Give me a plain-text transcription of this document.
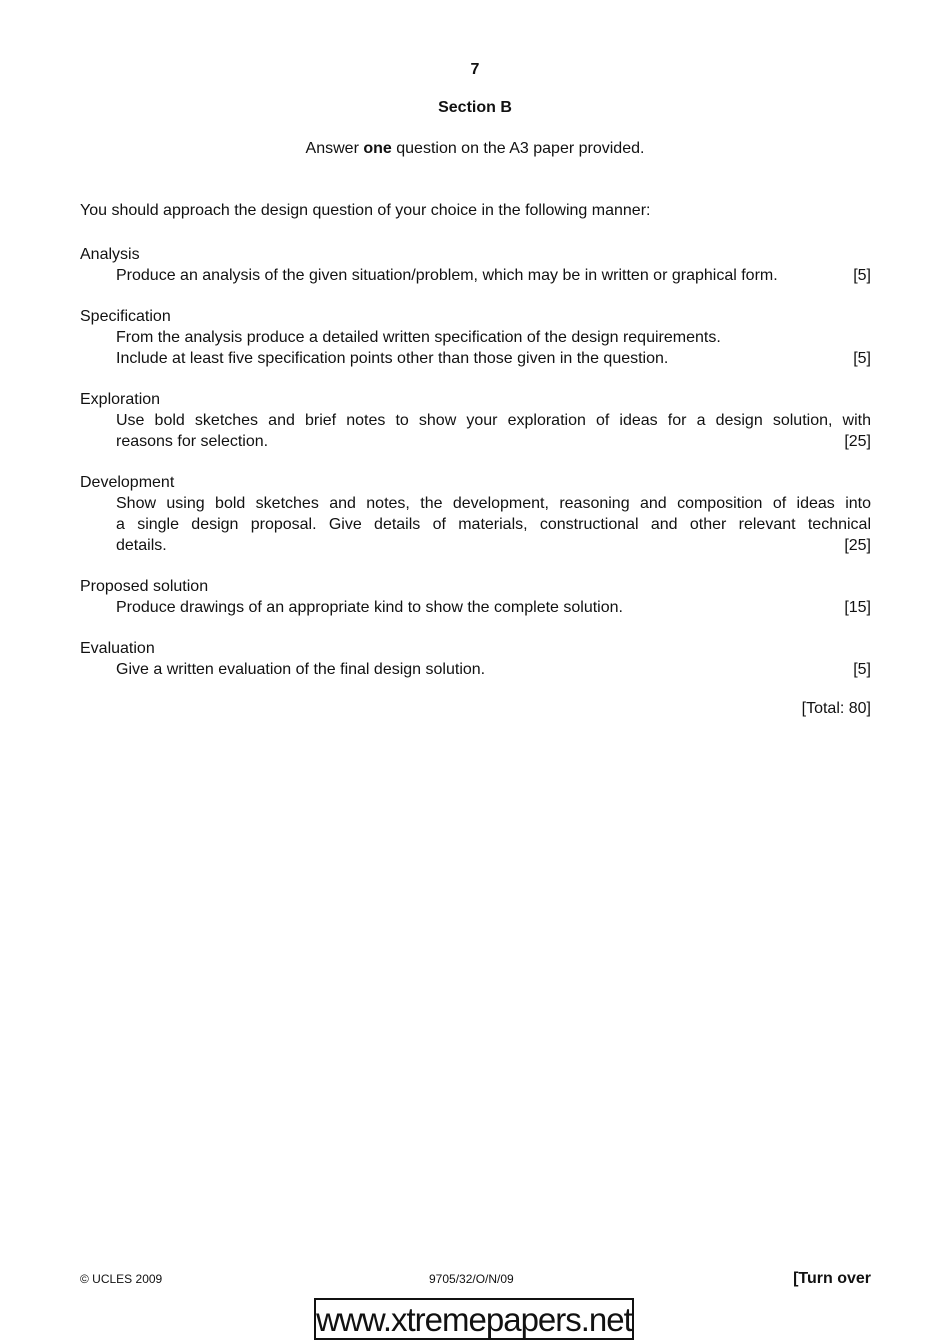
7
Section B
Answer one question on the A3 paper provided.
You should approach the design question of your choice in the following manner:
Analysis
Produce an analysis of the given situation/problem, which may be in written or graphical form.	[5]
Specification
From the analysis produce a detailed written specification of the design requirements.
Include at least five specification points other than those given in the question.	[5]
Exploration
Use bold sketches and brief notes to show your exploration of ideas for a design solution, with
reasons for selection.	[25]
Development
Show using bold sketches and notes, the development, reasoning and composition of ideas into
a single design proposal. Give details of materials, constructional and other relevant technical
details.	[25]
Proposed solution
Produce drawings of an appropriate kind to show the complete solution.	[15]
Evaluation
Give a written evaluation of the final design solution.	[5]
[Total: 80]
© UCLES 2009	9705/32/O/N/09	[Turn over
www.xtremepapers.net
